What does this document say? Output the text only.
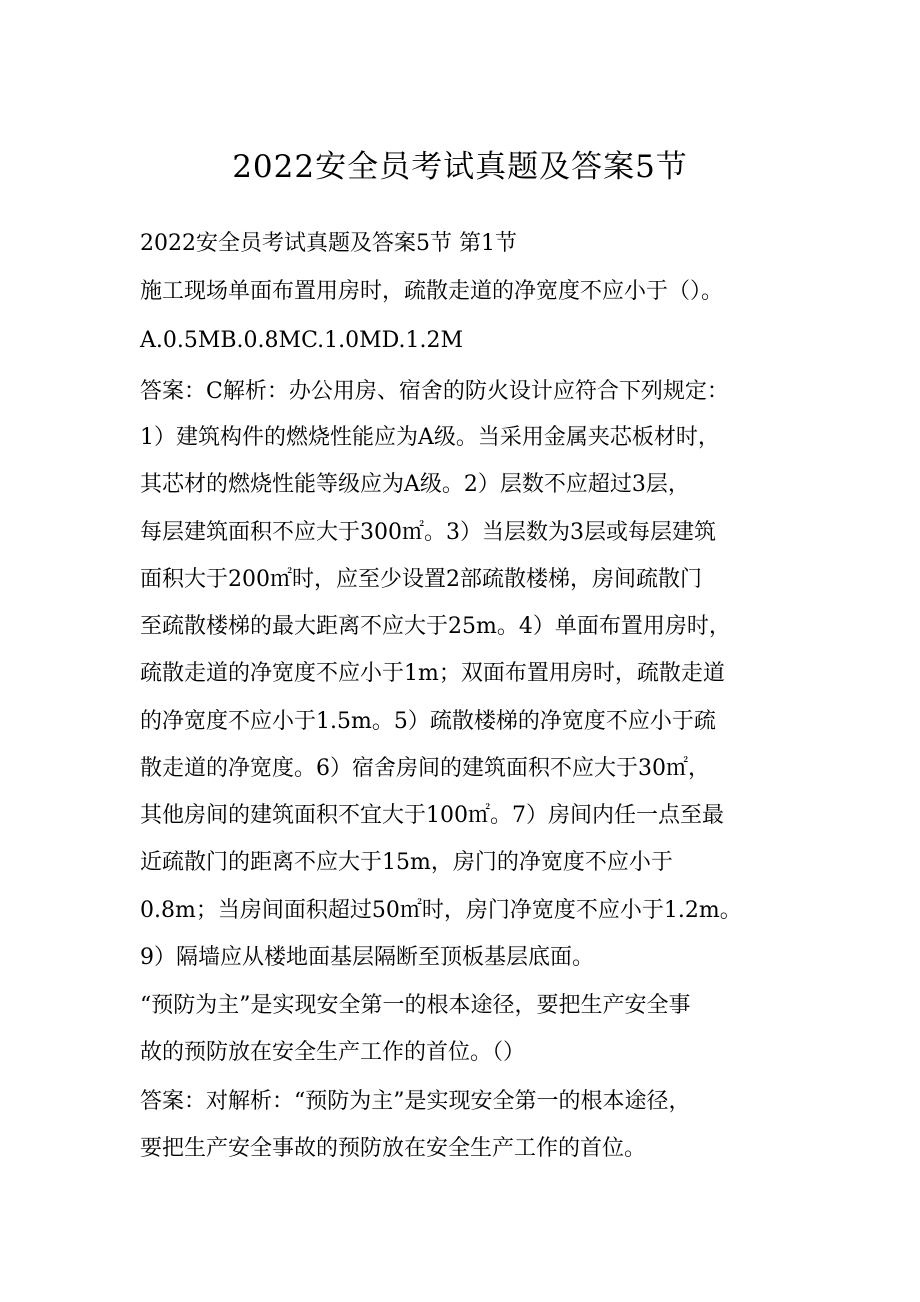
2022安全员考试真题及答案5节
2022安全员考试真题及答案5节 第1节
施工现场单面布置用房时，疏散走道的净宽度不应小于（）。
A.0.5MB.0.8MC.1.0MD.1.2M
答案：C解析：办公用房、宿舍的防火设计应符合下列规定：
1）建筑构件的燃烧性能应为A级。当采用金属夹芯板材时，
其芯材的燃烧性能等级应为A级。2）层数不应超过3层，
每层建筑面积不应大于300㎡。3）当层数为3层或每层建筑
面积大于200㎡时，应至少设置2部疏散楼梯，房间疏散门
至疏散楼梯的最大距离不应大于25m。4）单面布置用房时，
疏散走道的净宽度不应小于1m；双面布置用房时，疏散走道
的净宽度不应小于1.5m。5）疏散楼梯的净宽度不应小于疏
散走道的净宽度。6）宿舍房间的建筑面积不应大于30㎡，
其他房间的建筑面积不宜大于100㎡。7）房间内任一点至最
近疏散门的距离不应大于15m，房门的净宽度不应小于
0.8m；当房间面积超过50㎡时，房门净宽度不应小于1.2m。
9）隔墙应从楼地面基层隔断至顶板基层底面。
“预防为主”是实现安全第一的根本途径，要把生产安全事
故的预防放在安全生产工作的首位。（）
答案：对解析：“预防为主”是实现安全第一的根本途径，
要把生产安全事故的预防放在安全生产工作的首位。
